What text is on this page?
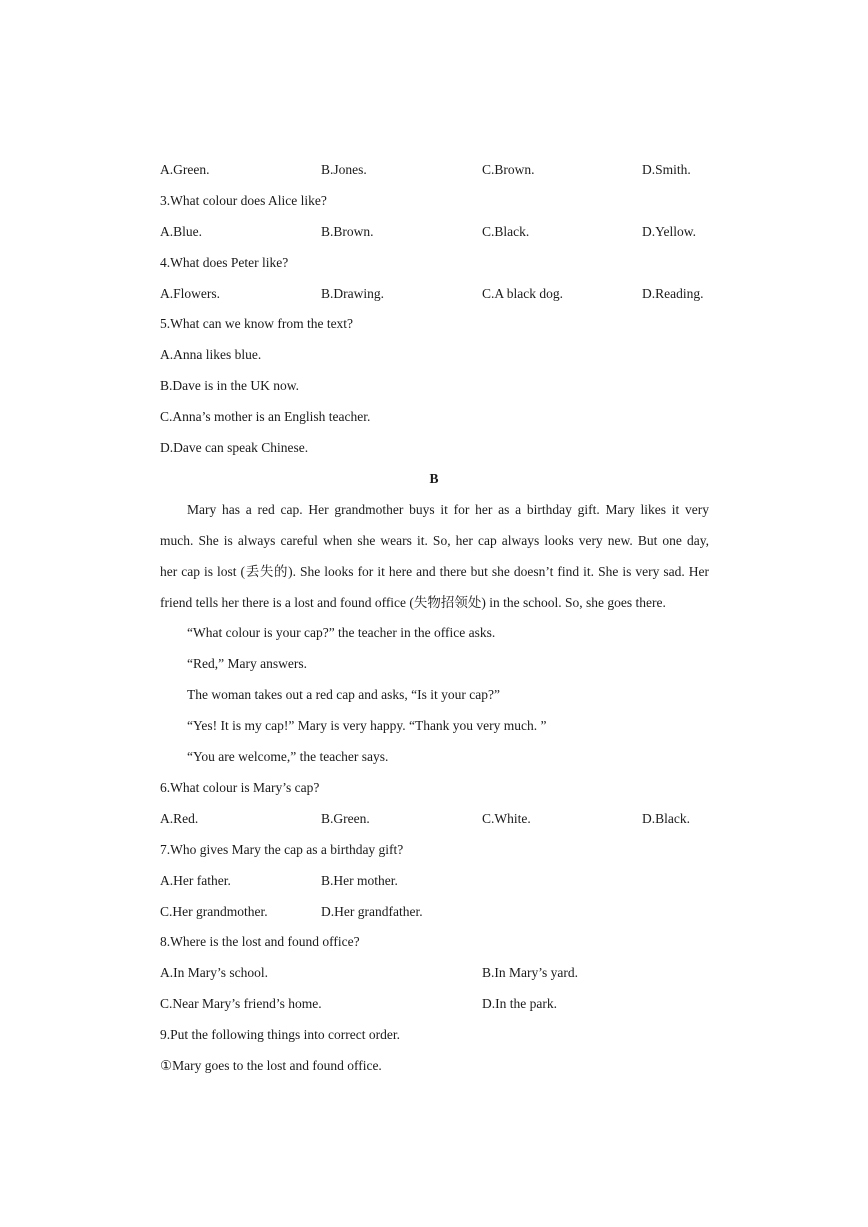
A.Green.	B.Jones.	C.Brown.	D.Smith.
3.What colour does Alice like?
A.Blue.	B.Brown.	C.Black.	D.Yellow.
4.What does Peter like?
A.Flowers.	B.Drawing.	C.A black dog.	D.Reading.
5.What can we know from the text?
A.Anna likes blue.
B.Dave is in the UK now.
C.Anna’s mother is an English teacher.
D.Dave can speak Chinese.
B
Mary has a red cap. Her grandmother buys it for her as a birthday gift. Mary likes it very
much. She is always careful when she wears it. So, her cap always looks very new. But one day,
her cap is lost (丢失的). She looks for it here and there but she doesn’t find it. She is very sad. Her
friend tells her there is a lost and found office (失物招领处) in the school. So, she goes there.
“What colour is your cap?” the teacher in the office asks.
“Red,” Mary answers.
The woman takes out a red cap and asks, “Is it your cap?”
“Yes! It is my cap!” Mary is very happy. “Thank you very much. ”
“You are welcome,” the teacher says.
6.What colour is Mary’s cap?
A.Red.	B.Green.	C.White.	D.Black.
7.Who gives Mary the cap as a birthday gift?
A.Her father.	B.Her mother.
C.Her grandmother.	D.Her grandfather.
8.Where is the lost and found office?
A.In Mary’s school.	B.In Mary’s yard.
C.Near Mary’s friend’s home.	D.In the park.
9.Put the following things into correct order.
①Mary goes to the lost and found office.
